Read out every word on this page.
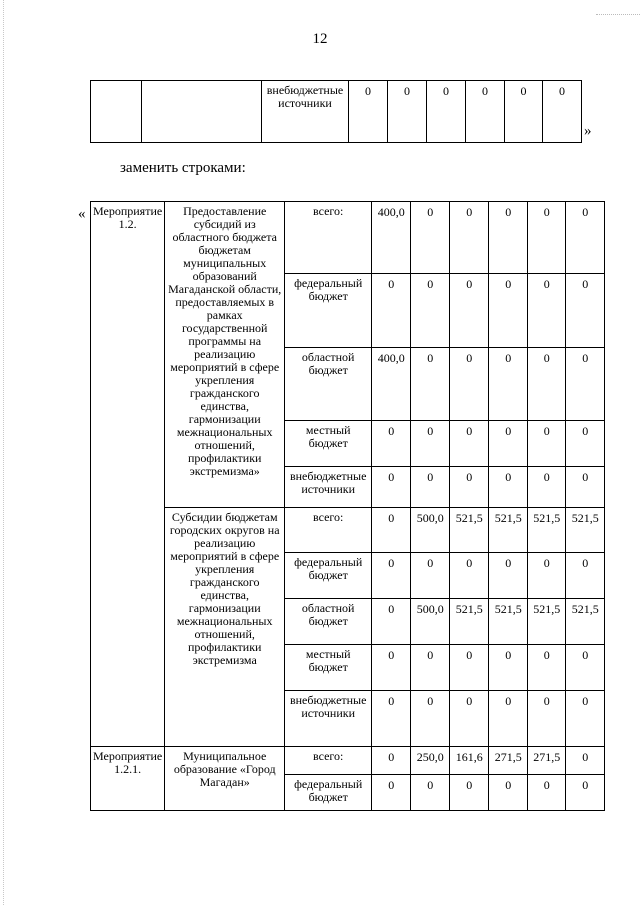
12
		внебюджетные источники	0	0	0	0	0	0
»
заменить строками:
« Мероприятие 1.2.	Предоставление субсидий из областного бюджета бюджетам муниципальных образований Магаданской области, предоставляемых в рамках государственной программы на реализацию мероприятий в сфере укрепления гражданского единства, гармонизации межнациональных отношений, профилактики экстремизма»	всего:	400,0	0	0	0	0	0
		федеральный бюджет	0	0	0	0	0	0
		областной бюджет	400,0	0	0	0	0	0
		местный бюджет	0	0	0	0	0	0
		внебюджетные источники	0	0	0	0	0	0
	Субсидии бюджетам городских округов на реализацию мероприятий в сфере укрепления гражданского единства, гармонизации межнациональных отношений, профилактики экстремизма	всего:	0	500,0	521,5	521,5	521,5	521,5
		федеральный бюджет	0	0	0	0	0	0
		областной бюджет	0	500,0	521,5	521,5	521,5	521,5
		местный бюджет	0	0	0	0	0	0
		внебюджетные источники	0	0	0	0	0	0
Мероприятие 1.2.1.	Муниципальное образование «Город Магадан»	всего:	0	250,0	161,6	271,5	271,5	0
		федеральный бюджет	0	0	0	0	0	0
